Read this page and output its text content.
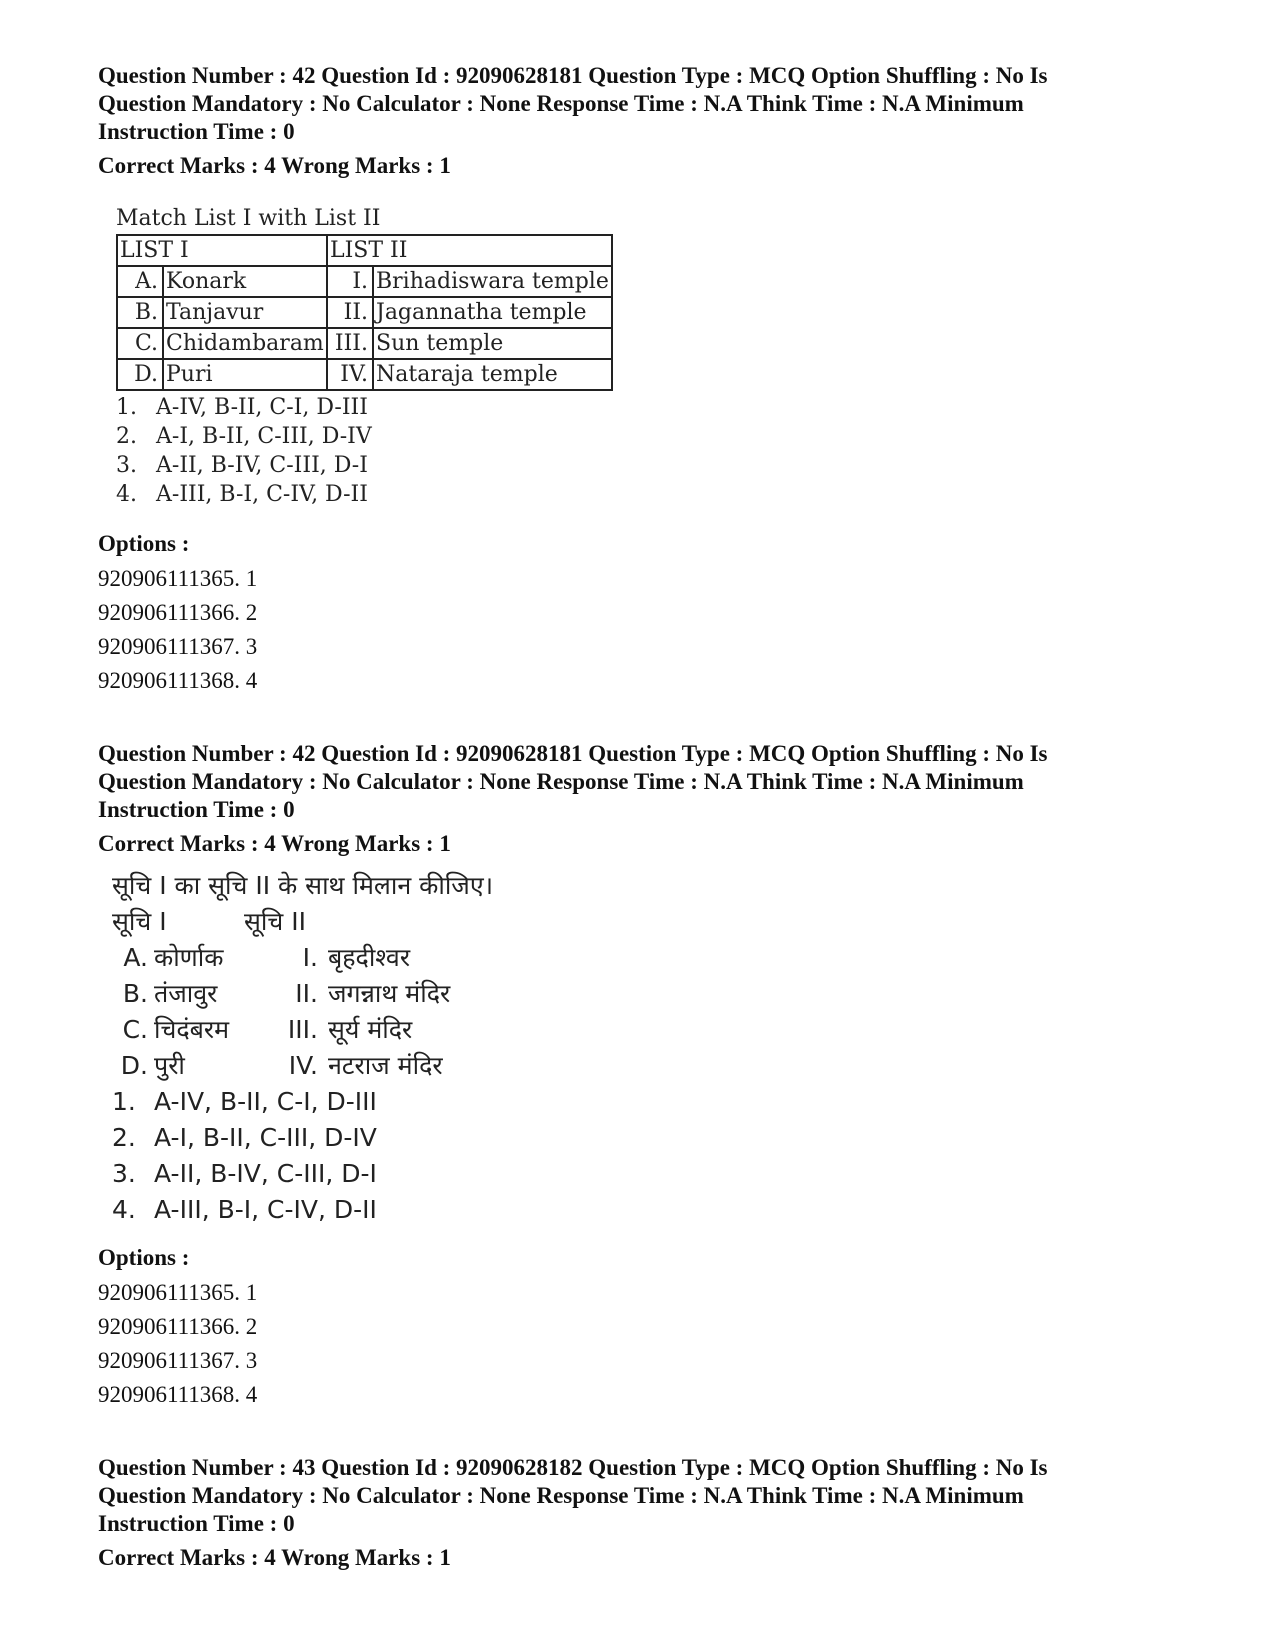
Question Number : 42 Question Id : 92090628181 Question Type : MCQ Option Shuffling : No Is
Question Mandatory : No Calculator : None Response Time : N.A Think Time : N.A Minimum
Instruction Time : 0
Correct Marks : 4 Wrong Marks : 1
Match List I with List II
LIST I		LIST II	
A.	Konark	I.	Brihadiswara temple
B.	Tanjavur	II.	Jagannatha temple
C.	Chidambaram	III.	Sun temple
D.	Puri	IV.	Nataraja temple
1. A-IV, B-II, C-I, D-III
2. A-I, B-II, C-III, D-IV
3. A-II, B-IV, C-III, D-I
4. A-III, B-I, C-IV, D-II
Options :
920906111365. 1
920906111366. 2
920906111367. 3
920906111368. 4
Question Number : 42 Question Id : 92090628181 Question Type : MCQ Option Shuffling : No Is
Question Mandatory : No Calculator : None Response Time : N.A Think Time : N.A Minimum
Instruction Time : 0
Correct Marks : 4 Wrong Marks : 1
सूचि I का सूचि II के साथ मिलान कीजिए।
सूचि I	सूचि II
A. कोर्णाक	I. बृहदीश्वर
B. तंजावुर	II. जगन्नाथ मंदिर
C. चिदंबरम	III. सूर्य मंदिर
D. पुरी	IV. नटराज मंदिर
1. A-IV, B-II, C-I, D-III
2. A-I, B-II, C-III, D-IV
3. A-II, B-IV, C-III, D-I
4. A-III, B-I, C-IV, D-II
Options :
920906111365. 1
920906111366. 2
920906111367. 3
920906111368. 4
Question Number : 43 Question Id : 92090628182 Question Type : MCQ Option Shuffling : No Is
Question Mandatory : No Calculator : None Response Time : N.A Think Time : N.A Minimum
Instruction Time : 0
Correct Marks : 4 Wrong Marks : 1
